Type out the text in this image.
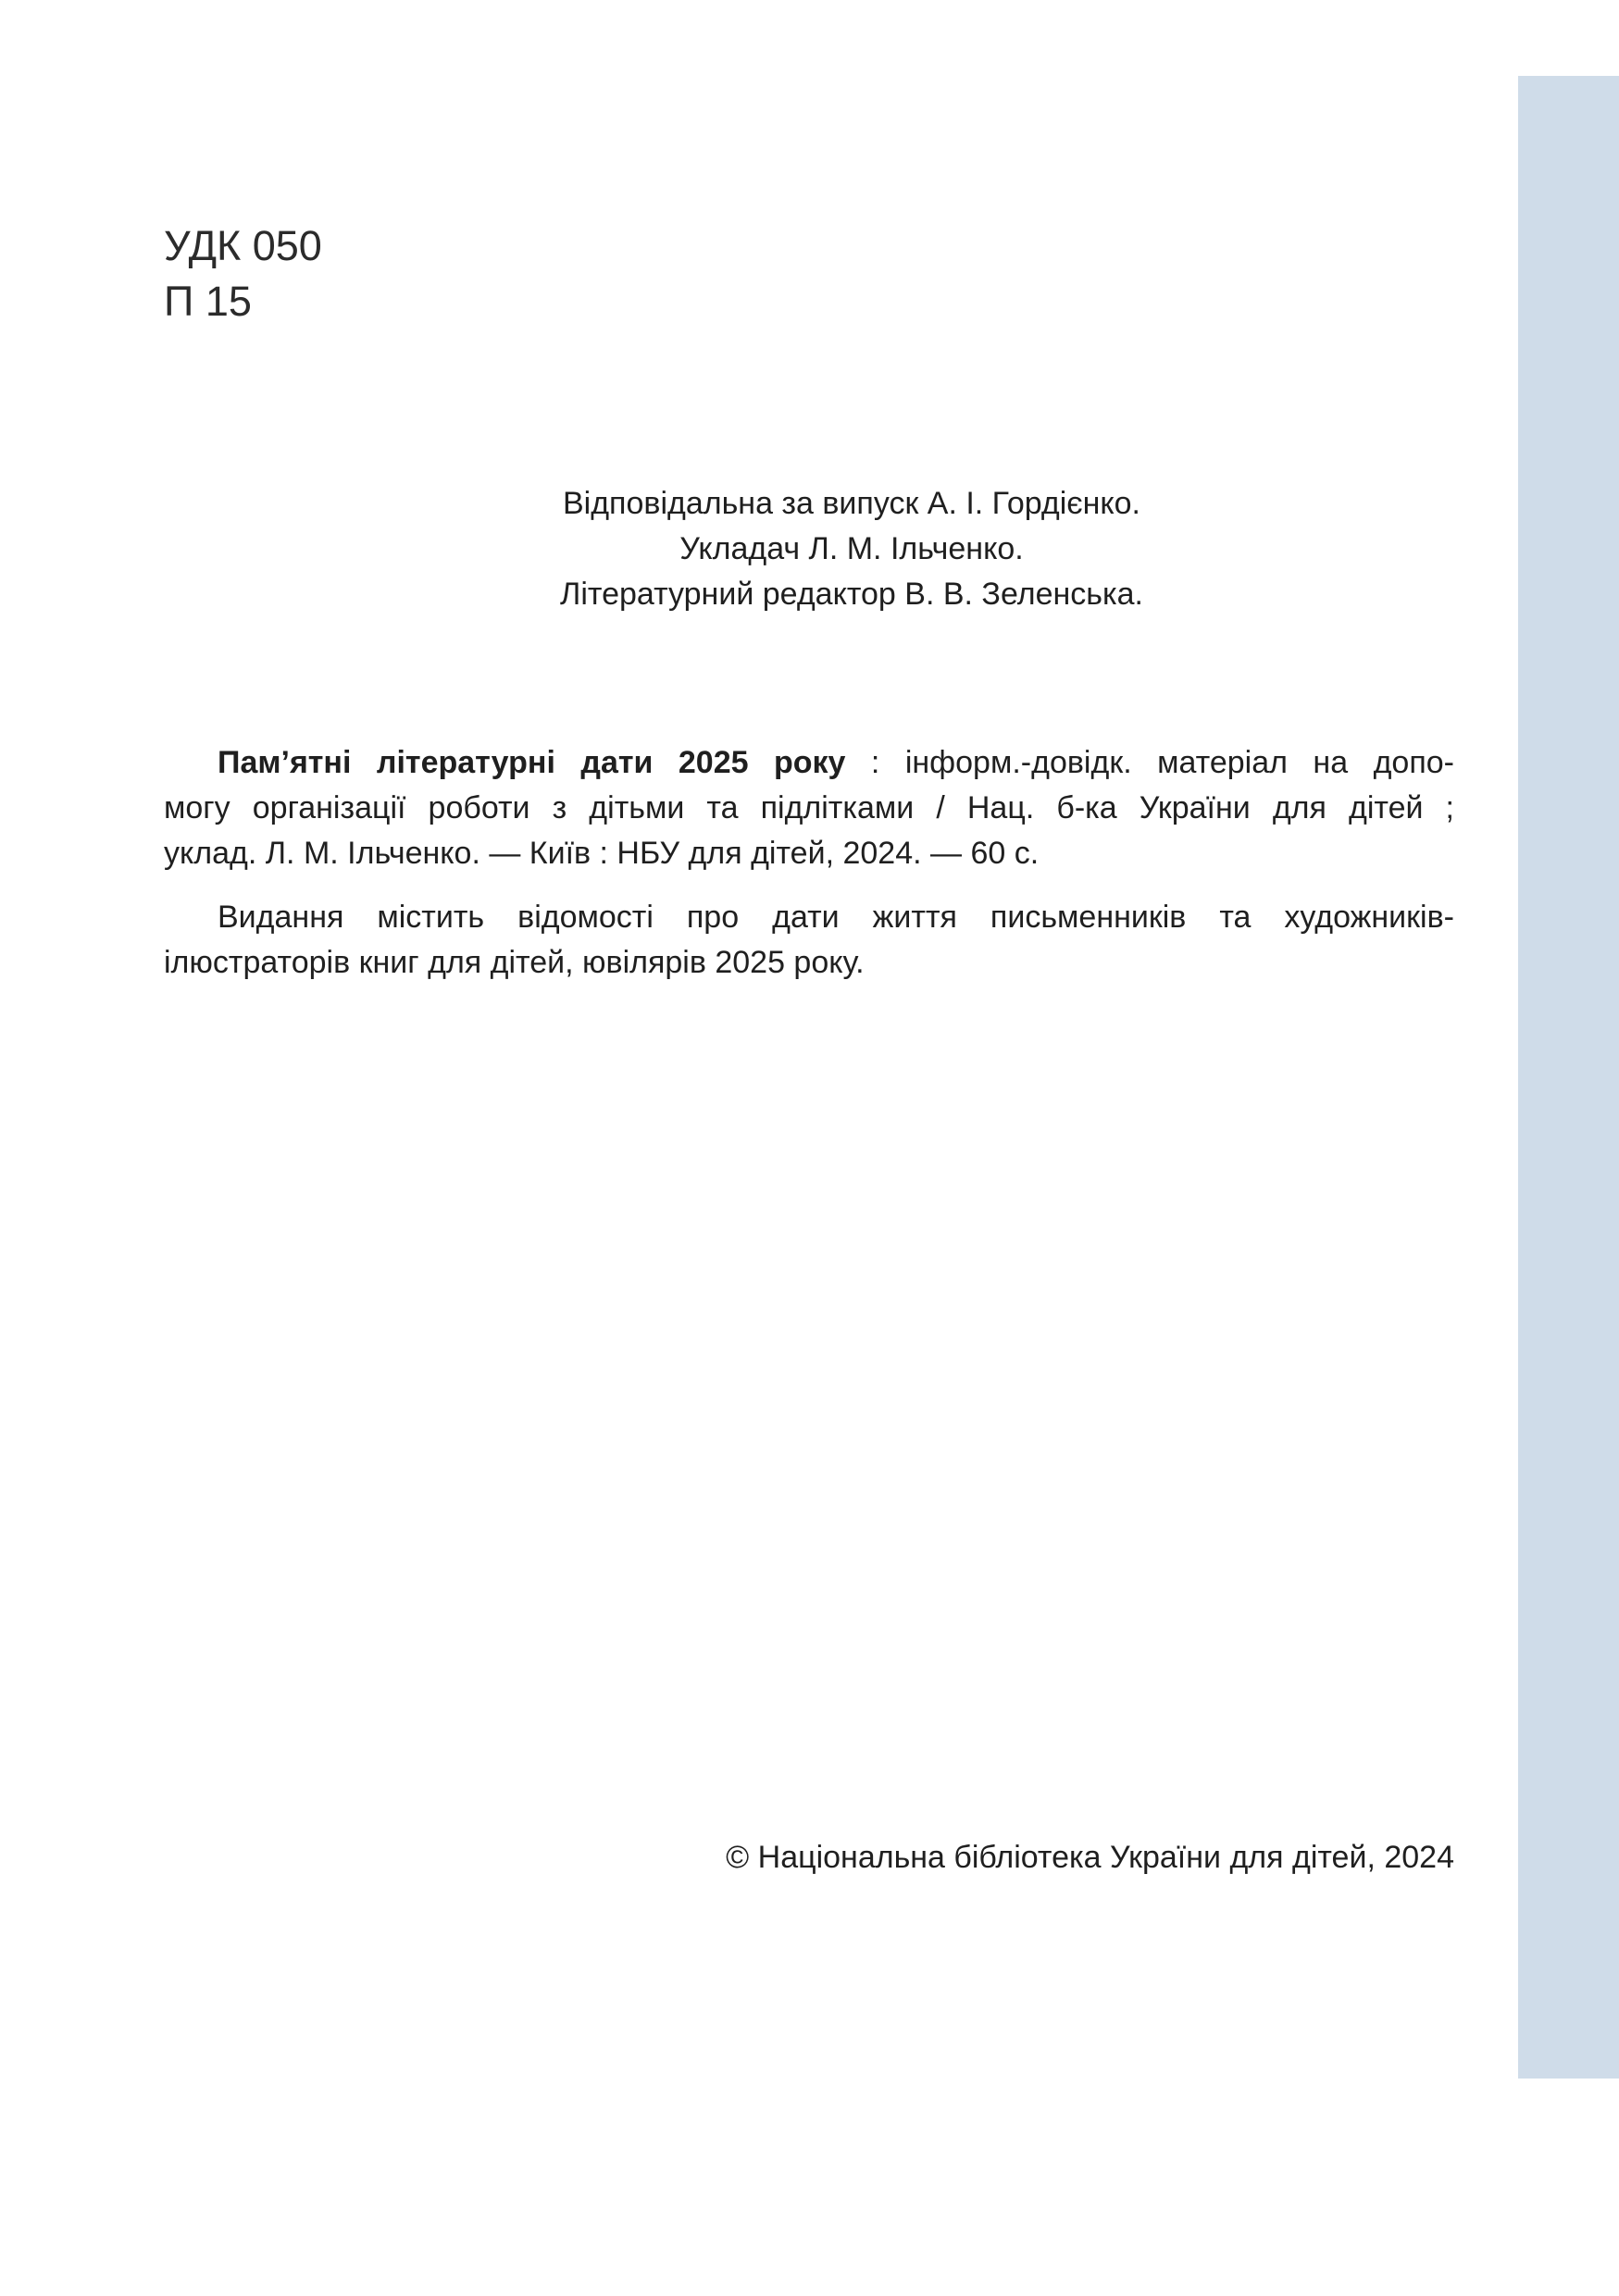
УДК 050
П 15
Відповідальна за випуск А. І. Гордієнко.
Укладач Л. М. Ільченко.
Літературний редактор В. В. Зеленська.
Пам’ятні літературні дати 2025 року : інформ.-довідк. матеріал на допо-
могу організації роботи з дітьми та підлітками / Нац. б-ка України для дітей ;
уклад. Л. М. Ільченко. — Київ : НБУ для дітей, 2024. — 60 с.
Видання містить відомості про дати життя письменників та художників-
ілюстраторів книг для дітей, ювілярів 2025 року.
© Національна бібліотека України для дітей, 2024
